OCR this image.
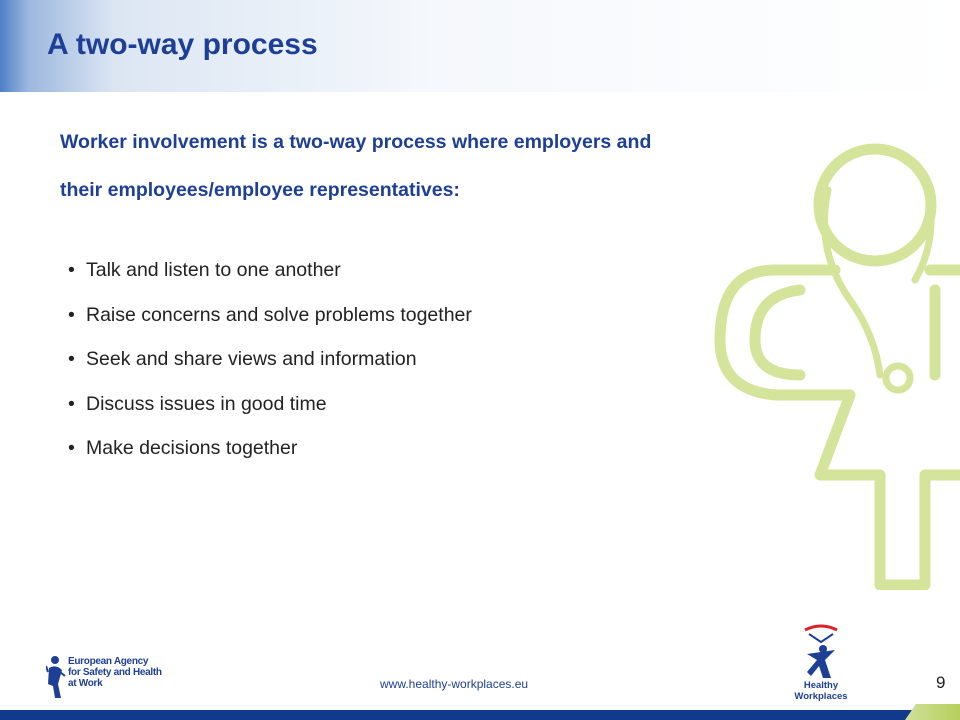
A two-way process
Worker involvement is a two-way process where employers and
their employees/employee representatives:
• Talk and listen to one another
• Raise concerns and solve problems together
• Seek and share views and information
• Discuss issues in good time
• Make decisions together
European Agency
for Safety and Health
at Work	www.healthy-workplaces.eu	Healthy Workplaces
9
